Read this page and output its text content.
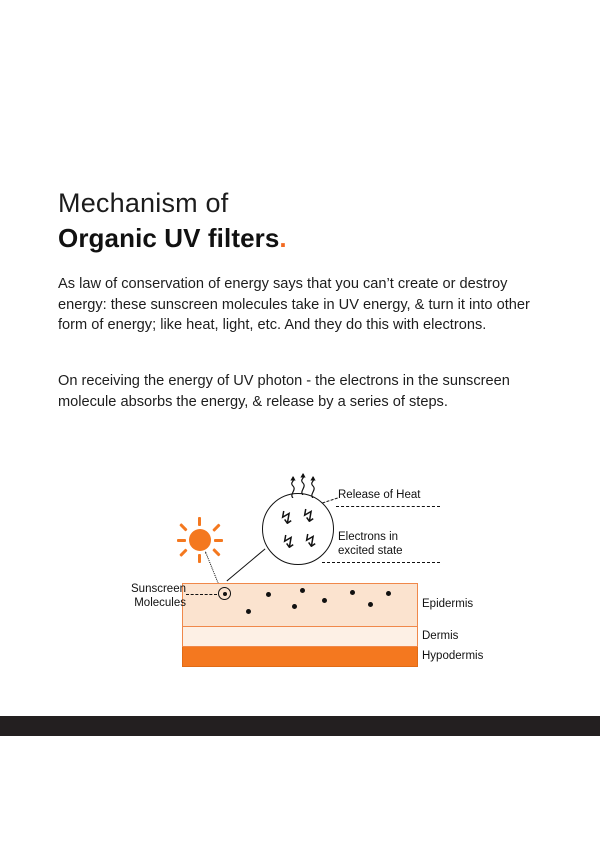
Mechanism of
Organic UV filters.
As law of conservation of energy says that you can’t create or destroy energy: these sunscreen molecules take in UV energy, & turn it into other form of energy; like heat, light, etc. And they do this with electrons.
On receiving the energy of UV photon - the electrons in the sunscreen molecule absorbs the energy, & release by a series of steps.
↯ ↯
↯ ↯
Release of Heat
Electrons in
excited state
Sunscreen
Molecules	Epidermis
Dermis
Hypodermis
